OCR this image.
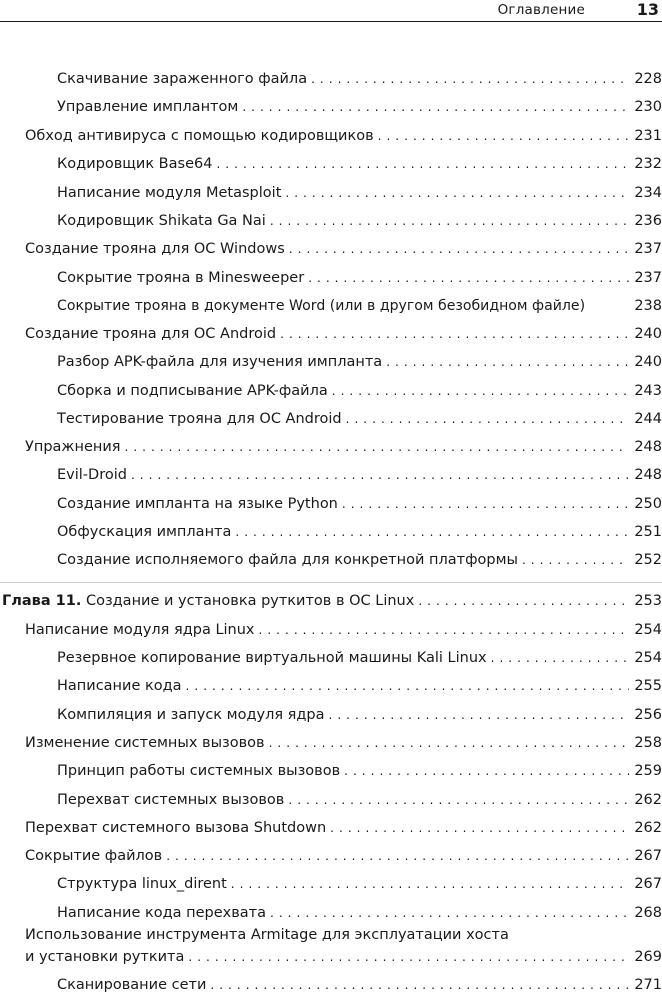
Оглавление	13
Скачивание зараженного файла . . .	228
Управление имплантом . . .	230
Обход антивируса с помощью кодировщиков . . .	231
Кодировщик Base64 . . .	232
Написание модуля Metasploit . . .	234
Кодировщик Shikata Ga Nai . . .	236
Создание трояна для ОС Windows . . .	237
Сокрытие трояна в Minesweeper . . .	237
Сокрытие трояна в документе Word (или в другом безобидном файле)	238
Создание трояна для ОС Android . . .	240
Разбор APK-файла для изучения импланта . . .	240
Сборка и подписывание APK-файла . . .	243
Тестирование трояна для ОС Android . . .	244
Упражнения . . .	248
Evil-Droid . . .	248
Создание импланта на языке Python . . .	250
Обфускация импланта . . .	251
Создание исполняемого файла для конкретной платформы . . .	252
Глава 11. Создание и установка руткитов в ОС Linux . . .	253
Написание модуля ядра Linux . . .	254
Резервное копирование виртуальной машины Kali Linux . . .	254
Написание кода . . .	255
Компиляция и запуск модуля ядра . . .	256
Изменение системных вызовов . . .	258
Принцип работы системных вызовов . . .	259
Перехват системных вызовов . . .	262
Перехват системного вызова Shutdown . . .	262
Сокрытие файлов . . .	267
Структура linux_dirent . . .	267
Написание кода перехвата . . .	268
Использование инструмента Armitage для эксплуатации хоста
и установки руткита . . .	269
Сканирование сети . . .	271
